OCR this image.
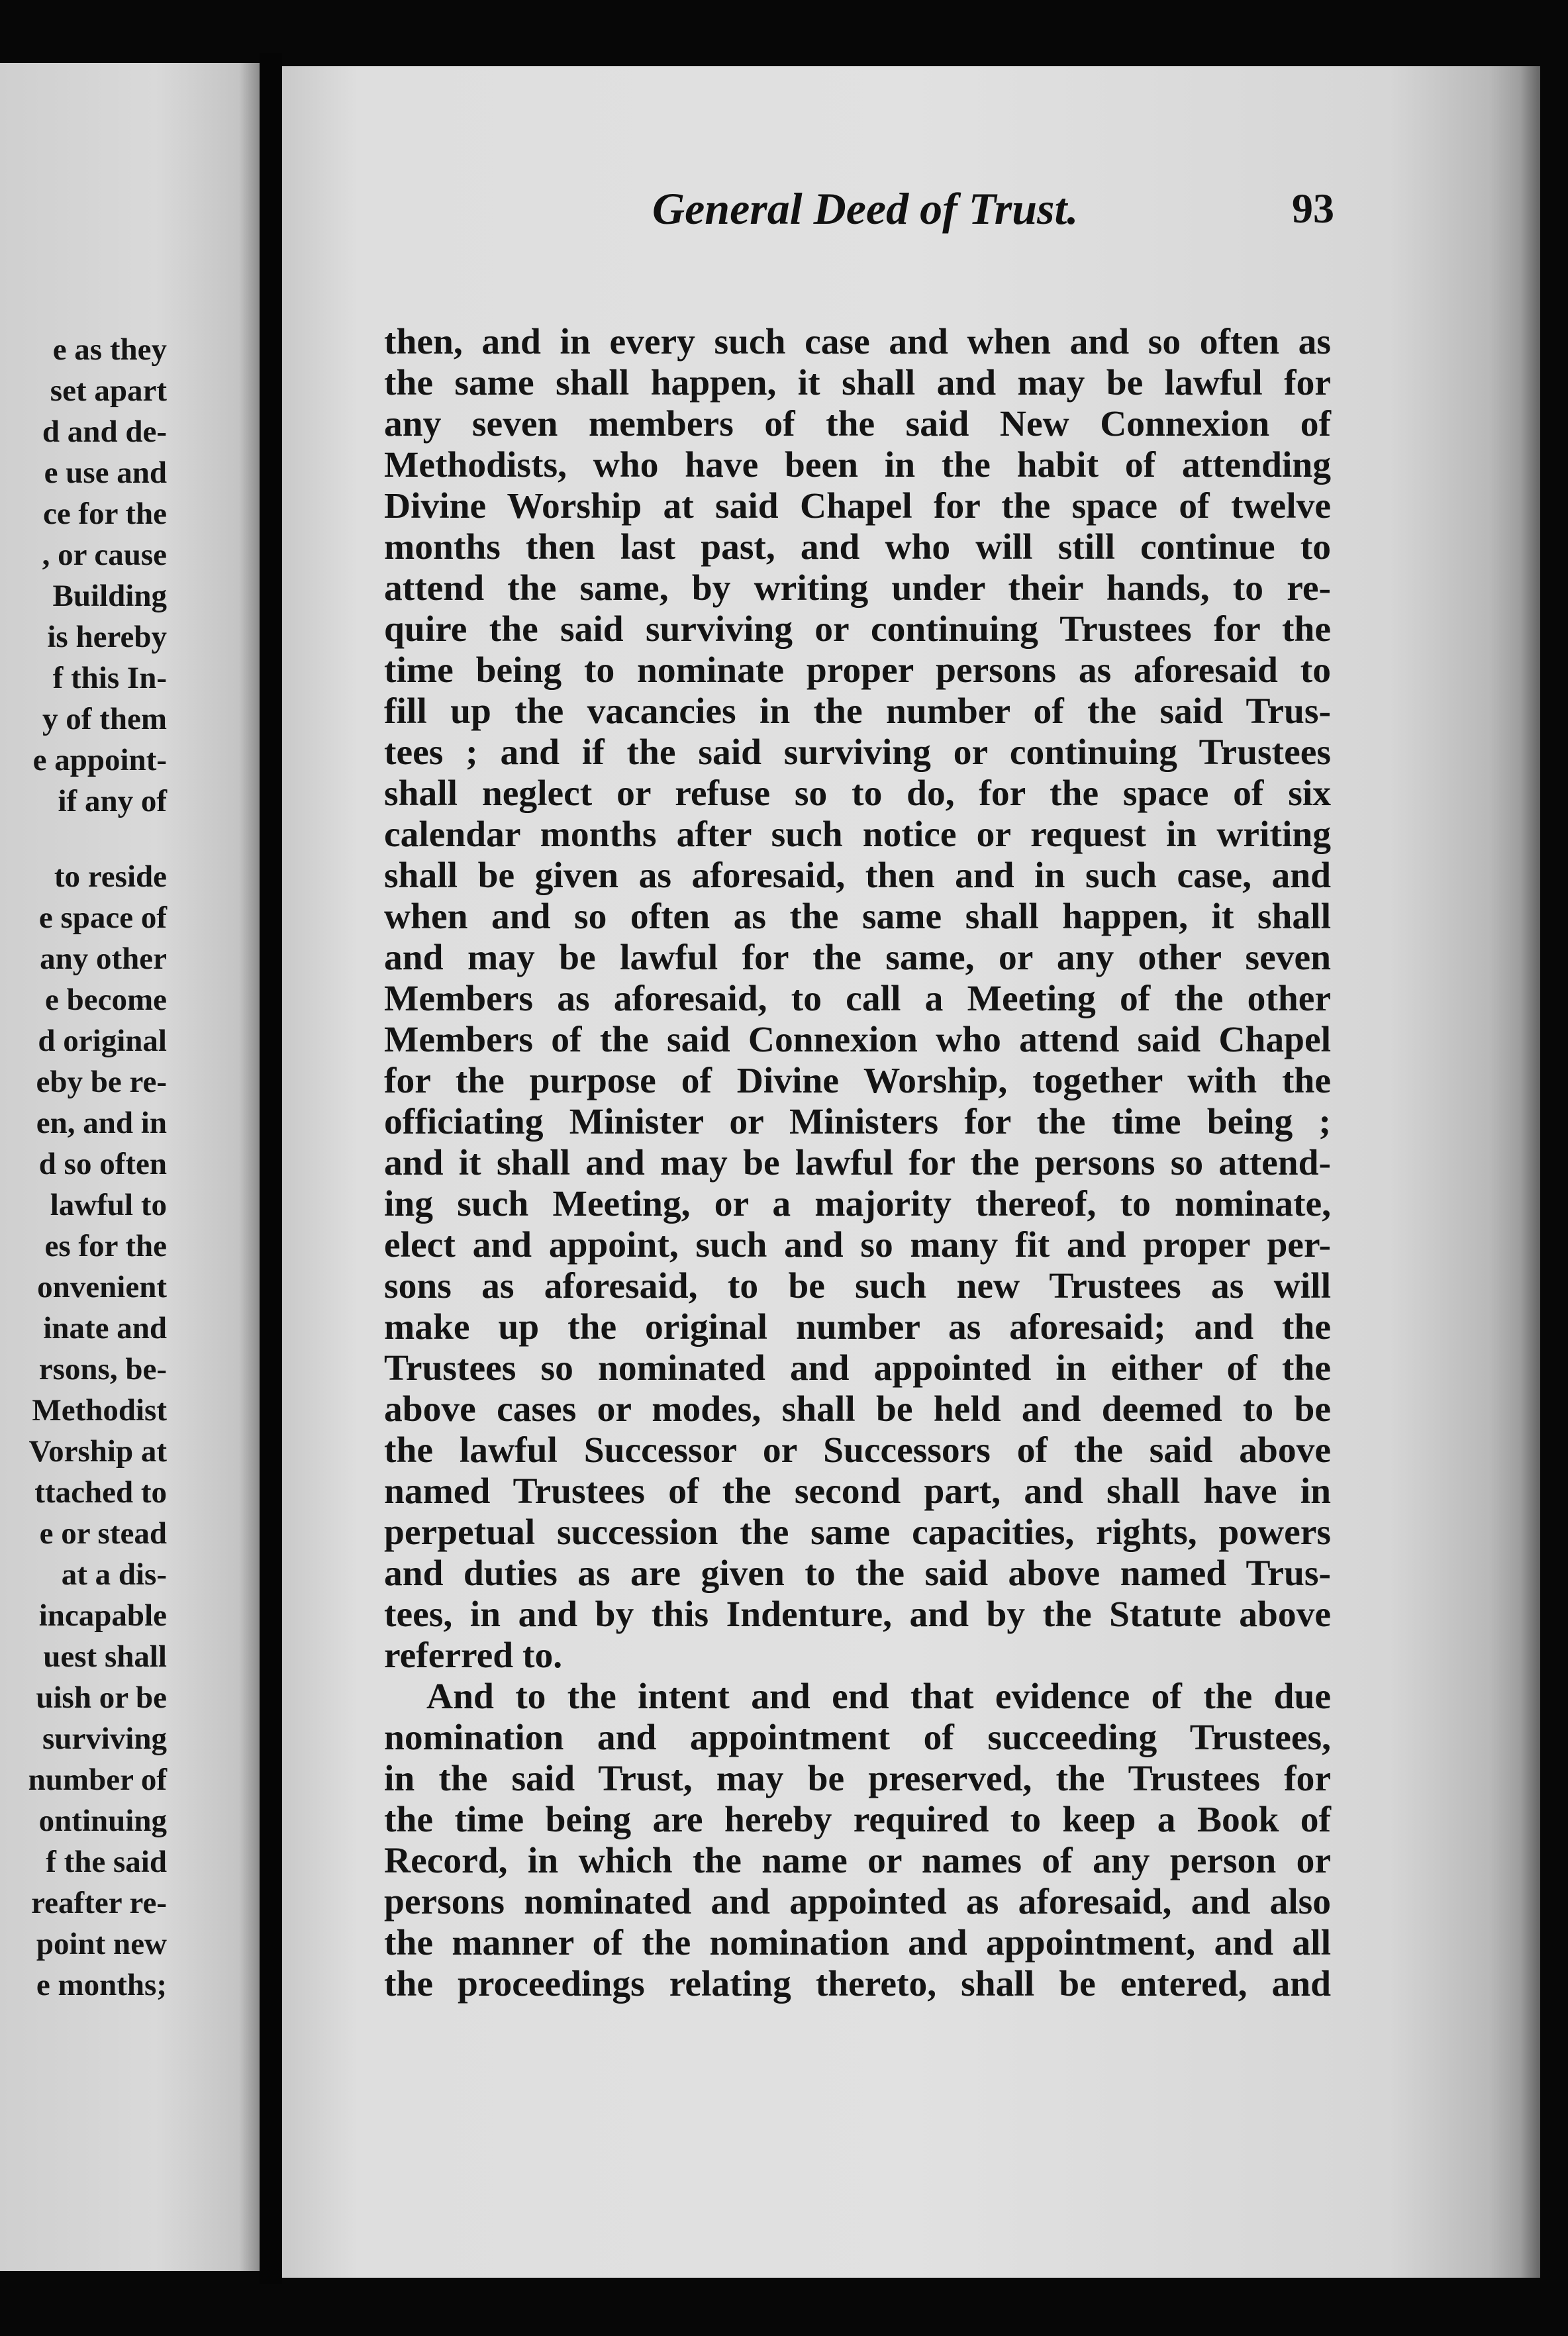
e as they
set apart
d and de-
e use and
ce for the
, or cause
Building
is hereby
f this In-
y of them
e appoint-
if any of
to reside
e space of
any other
e become
d original
eby be re-
en, and in
d so often
lawful to
es for the
onvenient
inate and
rsons, be-
Methodist
Vorship at
ttached to
e or stead
at a dis-
incapable
uest shall
uish or be
surviving
number of
ontinuing
f the said
reafter re-
point new
e months;
General Deed of Trust.	93
then, and in every such case and when and so often as
the same shall happen, it shall and may be lawful for
any seven members of the said New Connexion of
Methodists, who have been in the habit of attending
Divine Worship at said Chapel for the space of twelve
months then last past, and who will still continue to
attend the same, by writing under their hands, to re-
quire the said surviving or continuing Trustees for the
time being to nominate proper persons as aforesaid to
fill up the vacancies in the number of the said Trus-
tees ; and if the said surviving or continuing Trustees
shall neglect or refuse so to do, for the space of six
calendar months after such notice or request in writing
shall be given as aforesaid, then and in such case, and
when and so often as the same shall happen, it shall
and may be lawful for the same, or any other seven
Members as aforesaid, to call a Meeting of the other
Members of the said Connexion who attend said Chapel
for the purpose of Divine Worship, together with the
officiating Minister or Ministers for the time being ;
and it shall and may be lawful for the persons so attend-
ing such Meeting, or a majority thereof, to nominate,
elect and appoint, such and so many fit and proper per-
sons as aforesaid, to be such new Trustees as will
make up the original number as aforesaid; and the
Trustees so nominated and appointed in either of the
above cases or modes, shall be held and deemed to be
the lawful Successor or Successors of the said above
named Trustees of the second part, and shall have in
perpetual succession the same capacities, rights, powers
and duties as are given to the said above named Trus-
tees, in and by this Indenture, and by the Statute above
referred to.
And to the intent and end that evidence of the due
nomination and appointment of succeeding Trustees,
in the said Trust, may be preserved, the Trustees for
the time being are hereby required to keep a Book of
Record, in which the name or names of any person or
persons nominated and appointed as aforesaid, and also
the manner of the nomination and appointment, and all
the proceedings relating thereto, shall be entered, and
